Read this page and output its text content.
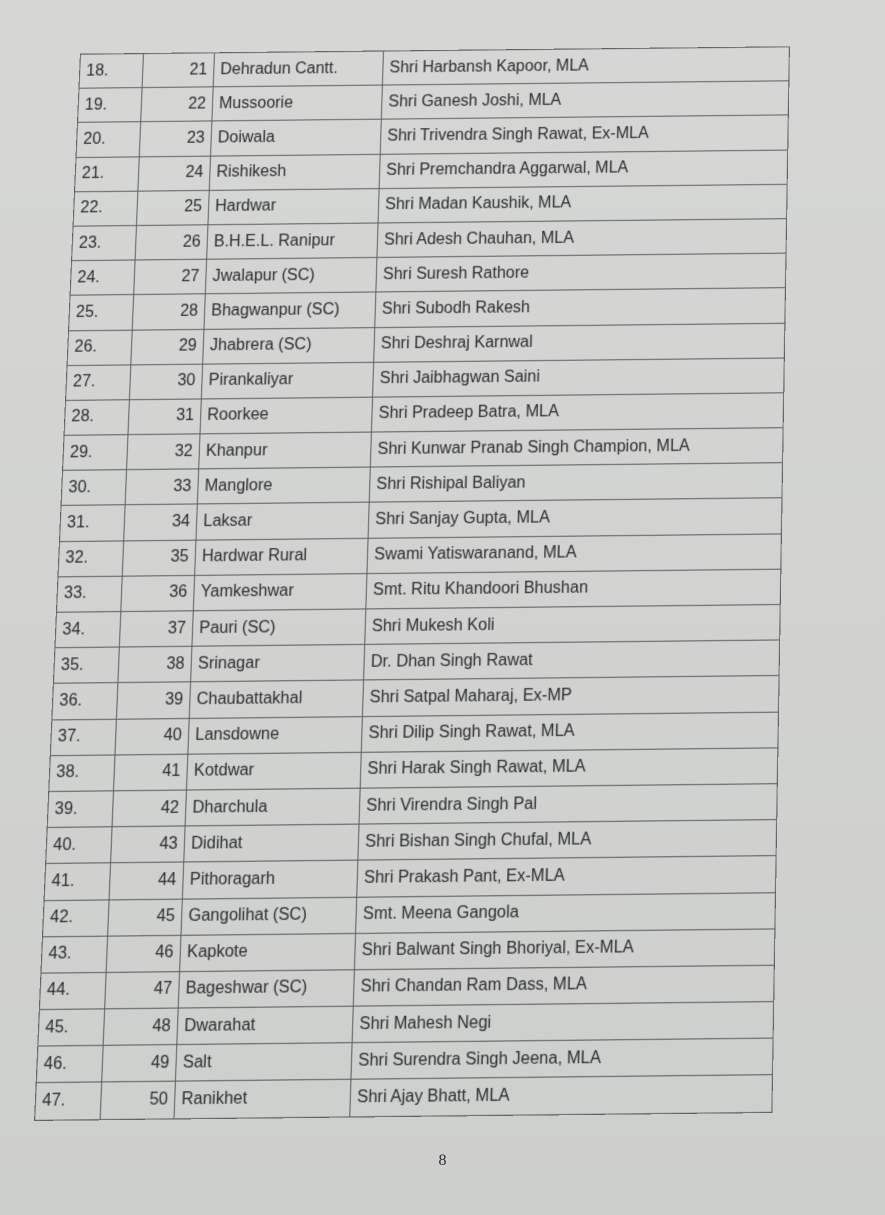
18.	21	Dehradun Cantt.	Shri Harbansh Kapoor, MLA
19.	22	Mussoorie	Shri Ganesh Joshi, MLA
20.	23	Doiwala	Shri Trivendra Singh Rawat, Ex-MLA
21.	24	Rishikesh	Shri Premchandra Aggarwal, MLA
22.	25	Hardwar	Shri Madan Kaushik, MLA
23.	26	B.H.E.L. Ranipur	Shri Adesh Chauhan, MLA
24.	27	Jwalapur (SC)	Shri Suresh Rathore
25.	28	Bhagwanpur (SC)	Shri Subodh Rakesh
26.	29	Jhabrera (SC)	Shri Deshraj Karnwal
27.	30	Pirankaliyar	Shri Jaibhagwan Saini
28.	31	Roorkee	Shri Pradeep Batra, MLA
29.	32	Khanpur	Shri Kunwar Pranab Singh Champion, MLA
30.	33	Manglore	Shri Rishipal Baliyan
31.	34	Laksar	Shri Sanjay Gupta, MLA
32.	35	Hardwar Rural	Swami Yatiswaranand, MLA
33.	36	Yamkeshwar	Smt. Ritu Khandoori Bhushan
34.	37	Pauri (SC)	Shri Mukesh Koli
35.	38	Srinagar	Dr. Dhan Singh Rawat
36.	39	Chaubattakhal	Shri Satpal Maharaj, Ex-MP
37.	40	Lansdowne	Shri Dilip Singh Rawat, MLA
38.	41	Kotdwar	Shri Harak Singh Rawat, MLA
39.	42	Dharchula	Shri Virendra Singh Pal
40.	43	Didihat	Shri Bishan Singh Chufal, MLA
41.	44	Pithoragarh	Shri Prakash Pant, Ex-MLA
42.	45	Gangolihat (SC)	Smt. Meena Gangola
43.	46	Kapkote	Shri Balwant Singh Bhoriyal, Ex-MLA
44.	47	Bageshwar (SC)	Shri Chandan Ram Dass, MLA
45.	48	Dwarahat	Shri Mahesh Negi
46.	49	Salt	Shri Surendra Singh Jeena, MLA
47.	50	Ranikhet	Shri Ajay Bhatt, MLA
8
